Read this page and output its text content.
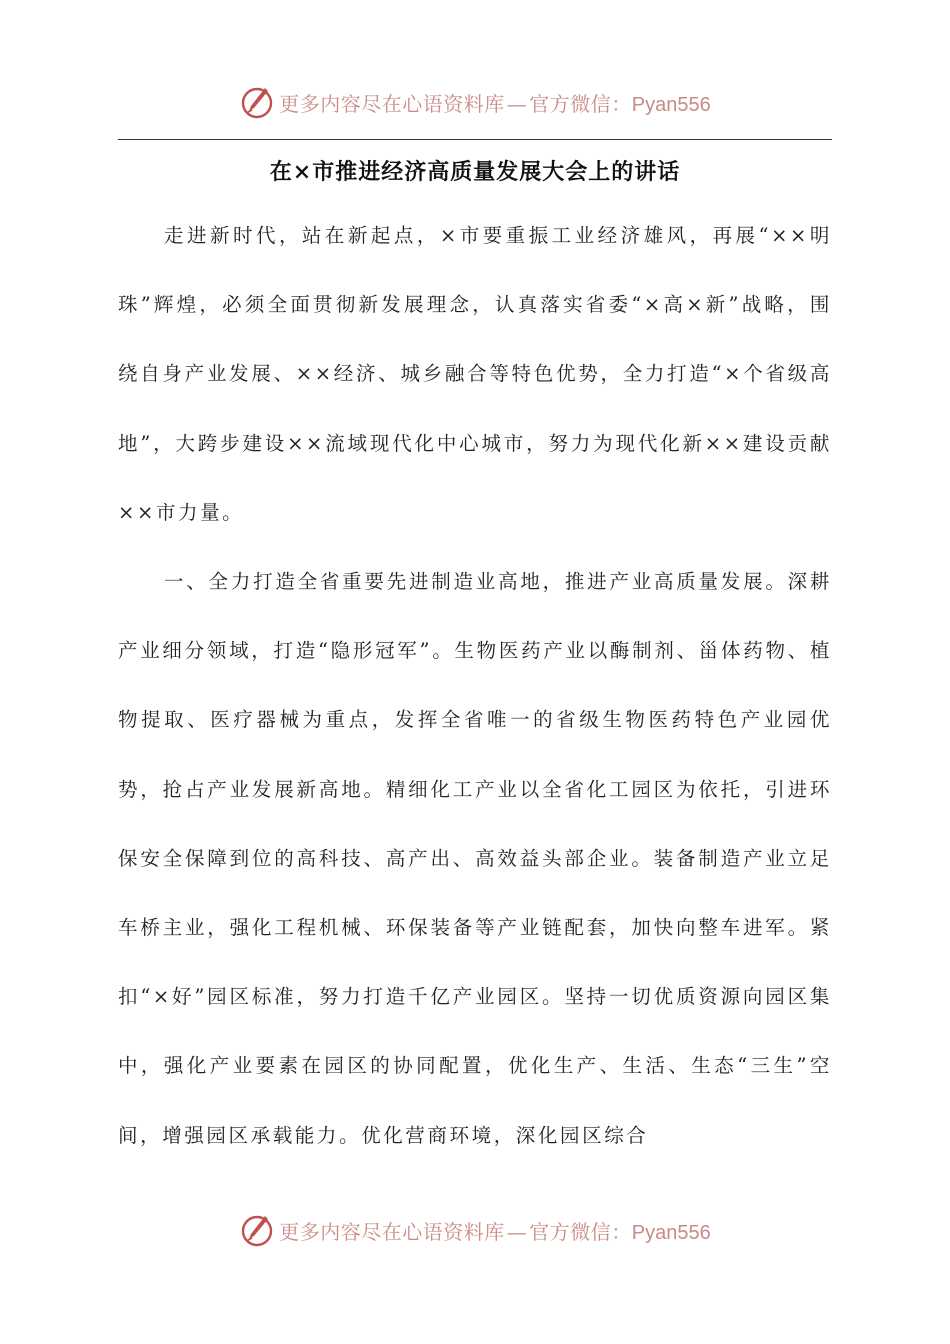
更多内容尽在心语资料库 — 官方微信：Pyan556
在×市推进经济高质量发展大会上的讲话

走进新时代，站在新起点，×市要重振工业经济雄风，再展“××明珠”辉煌，必须全面贯彻新发展理念，认真落实省委“×高×新”战略，围绕自身产业发展、××经济、城乡融合等特色优势，全力打造“×个省级高地”，大跨步建设××流域现代化中心城市，努力为现代化新××建设贡献××市力量。

一、全力打造全省重要先进制造业高地，推进产业高质量发展。深耕产业细分领域，打造“隐形冠军”。生物医药产业以酶制剂、甾体药物、植物提取、医疗器械为重点，发挥全省唯一的省级生物医药特色产业园优势，抢占产业发展新高地。精细化工产业以全省化工园区为依托，引进环保安全保障到位的高科技、高产出、高效益头部企业。装备制造产业立足车桥主业，强化工程机械、环保装备等产业链配套，加快向整车进军。紧扣“×好”园区标准，努力打造千亿产业园区。坚持一切优质资源向园区集中，强化产业要素在园区的协同配置，优化生产、生活、生态“三生”空间，增强园区承载能力。优化营商环境，深化园区综合

更多内容尽在心语资料库 — 官方微信：Pyan556
